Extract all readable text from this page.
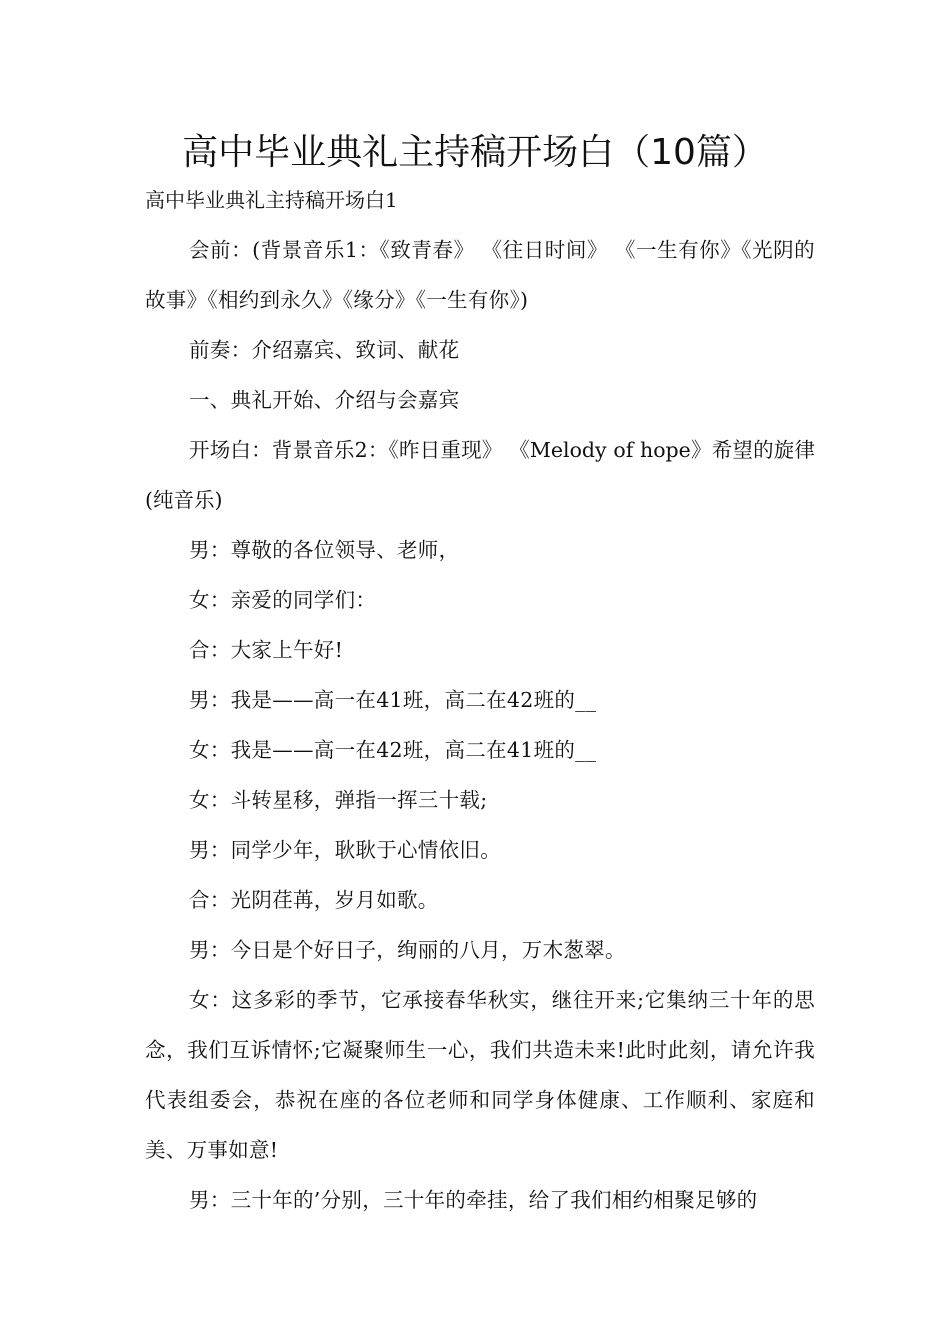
高中毕业典礼主持稿开场白（10篇）
高中毕业典礼主持稿开场白1

会前：(背景音乐1：《致青春》 《往日时间》 《一生有你》《光阴的故事》《相约到永久》《缘分》《一生有你》)

前奏：介绍嘉宾、致词、献花

一、典礼开始、介绍与会嘉宾

开场白：背景音乐2：《昨日重现》 《Melody of hope》希望的旋律(纯音乐)

男：尊敬的各位领导、老师，

女：亲爱的同学们：

合：大家上午好!

男：我是——高一在41班，高二在42班的__

女：我是——高一在42班，高二在41班的__

女：斗转星移，弹指一挥三十载;

男：同学少年，耿耿于心情依旧。

合：光阴荏苒，岁月如歌。

男：今日是个好日子，绚丽的八月，万木葱翠。

女：这多彩的季节，它承接春华秋实，继往开来;它集纳三十年的思念，我们互诉情怀;它凝聚师生一心，我们共造未来!此时此刻，请允许我代表组委会，恭祝在座的各位老师和同学身体健康、工作顺利、家庭和美、万事如意!

男：三十年的’分别，三十年的牵挂，给了我们相约相聚足够的
